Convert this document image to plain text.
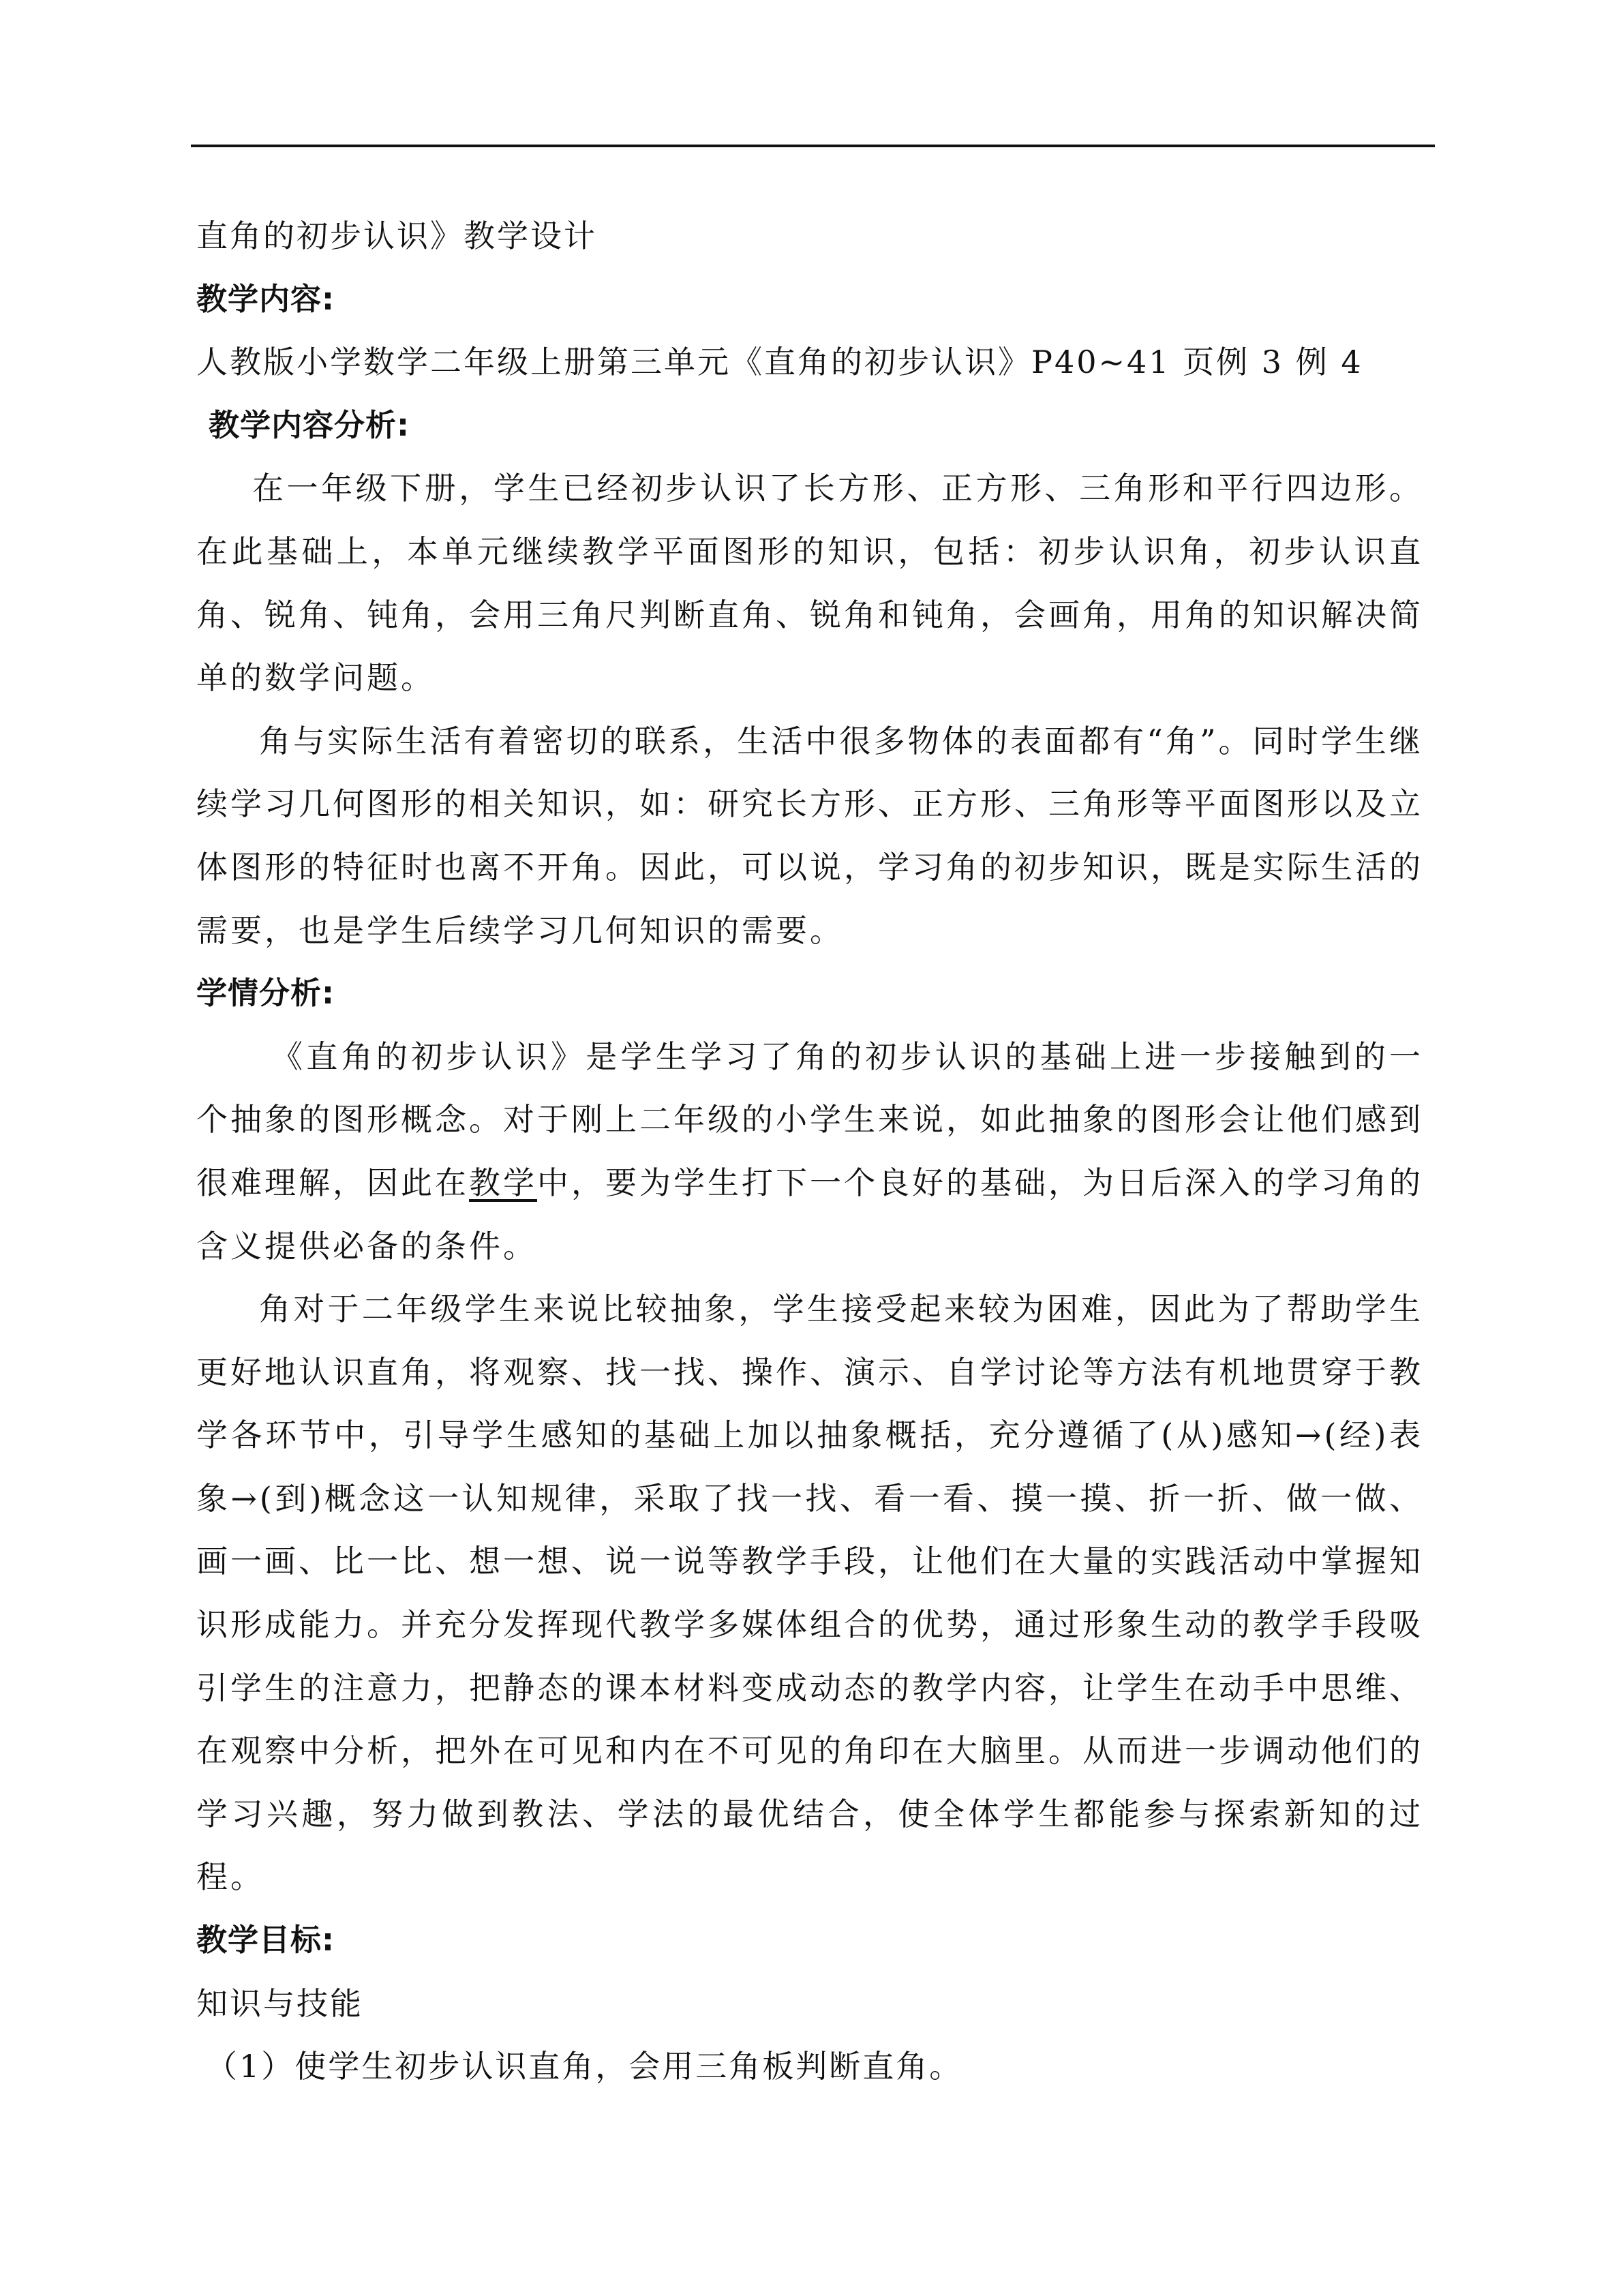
直角的初步认识》教学设计

教学内容:

人教版小学数学二年级上册第三单元《直角的初步认识》P40~41 页例 3 例 4

教学内容分析:

在一年级下册，学生已经初步认识了长方形、正方形、三角形和平行四边形。在此基础上，本单元继续教学平面图形的知识，包括：初步认识角，初步认识直角、锐角、钝角，会用三角尺判断直角、锐角和钝角，会画角，用角的知识解决简单的数学问题。

角与实际生活有着密切的联系，生活中很多物体的表面都有“角”。同时学生继续学习几何图形的相关知识，如：研究长方形、正方形、三角形等平面图形以及立体图形的特征时也离不开角。因此，可以说，学习角的初步知识，既是实际生活的需要，也是学生后续学习几何知识的需要。

学情分析:

《直角的初步认识》是学生学习了角的初步认识的基础上进一步接触到的一个抽象的图形概念。对于刚上二年级的小学生来说，如此抽象的图形会让他们感到很难理解，因此在教学中，要为学生打下一个良好的基础，为日后深入的学习角的含义提供必备的条件。

角对于二年级学生来说比较抽象，学生接受起来较为困难，因此为了帮助学生更好地认识直角，将观察、找一找、操作、演示、自学讨论等方法有机地贯穿于教学各环节中，引导学生感知的基础上加以抽象概括，充分遵循了(从)感知→(经)表象→(到)概念这一认知规律，采取了找一找、看一看、摸一摸、折一折、做一做、画一画、比一比、想一想、说一说等教学手段，让他们在大量的实践活动中掌握知识形成能力。并充分发挥现代教学多媒体组合的优势，通过形象生动的教学手段吸引学生的注意力，把静态的课本材料变成动态的教学内容，让学生在动手中思维、在观察中分析，把外在可见和内在不可见的角印在大脑里。从而进一步调动他们的学习兴趣，努力做到教法、学法的最优结合，使全体学生都能参与探索新知的过程。

教学目标:

知识与技能

（1）使学生初步认识直角，会用三角板判断直角。
